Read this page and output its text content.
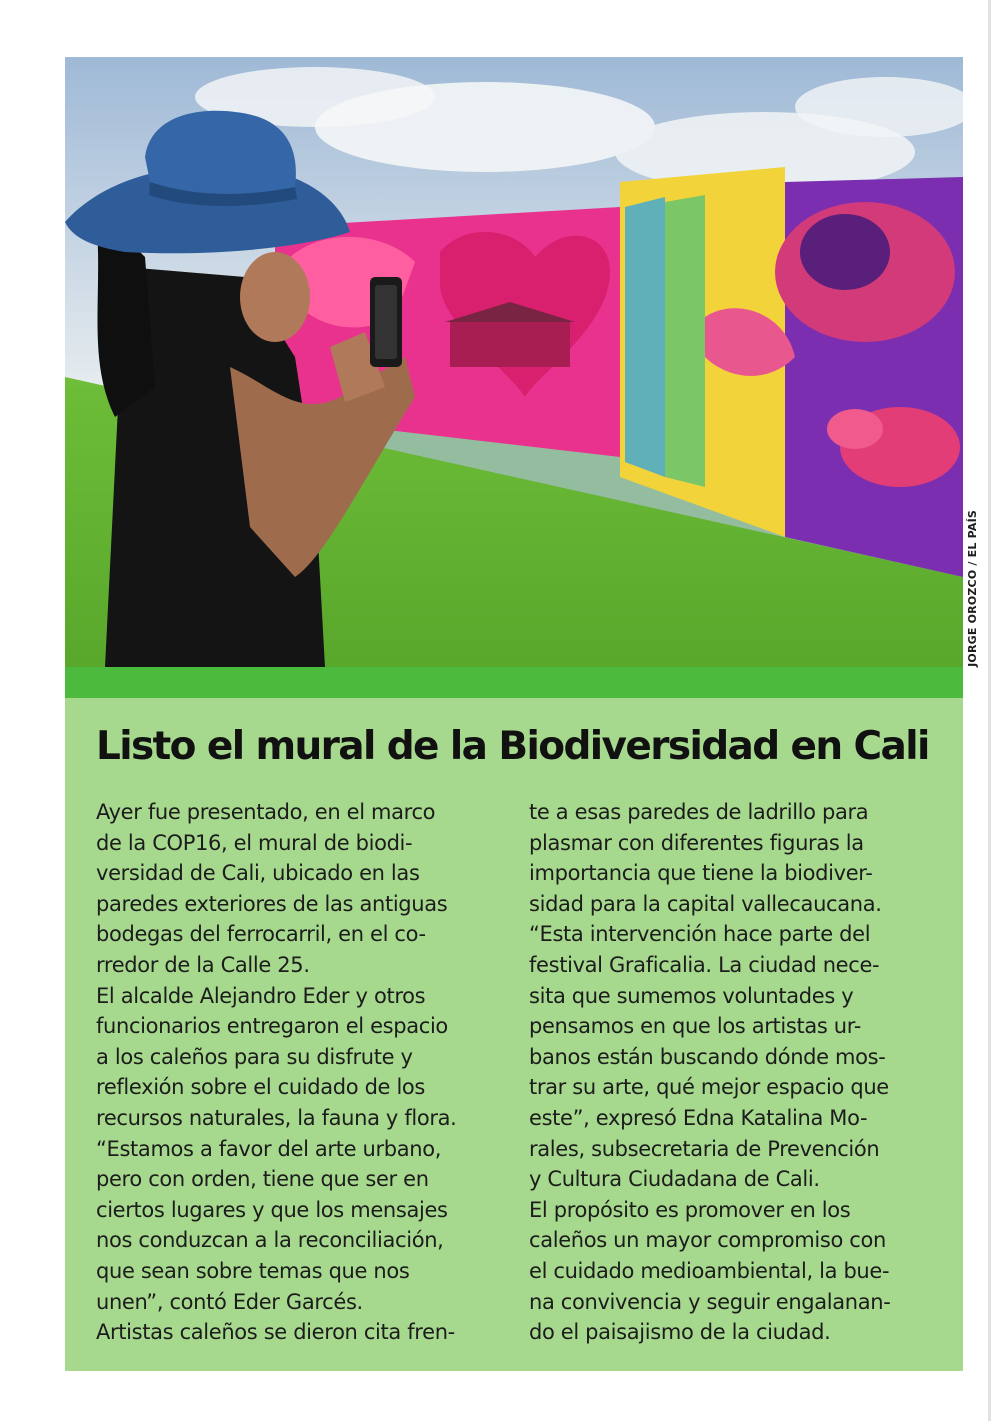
JORGE OROZCO / EL PAÍS
Listo el mural de la Biodiversidad en Cali
Ayer fue presentado, en el marco
de la COP16, el mural de biodi-
versidad de Cali, ubicado en las
paredes exteriores de las antiguas
bodegas del ferrocarril, en el co-
rredor de la Calle 25.
El alcalde Alejandro Eder y otros
funcionarios entregaron el espacio
a los caleños para su disfrute y
reflexión sobre el cuidado de los
recursos naturales, la fauna y flora.
“Estamos a favor del arte urbano,
pero con orden, tiene que ser en
ciertos lugares y que los mensajes
nos conduzcan a la reconciliación,
que sean sobre temas que nos
unen”, contó Eder Garcés.
Artistas caleños se dieron cita fren-
te a esas paredes de ladrillo para
plasmar con diferentes figuras la
importancia que tiene la biodiver-
sidad para la capital vallecaucana.
“Esta intervención hace parte del
festival Graficalia. La ciudad nece-
sita que sumemos voluntades y
pensamos en que los artistas ur-
banos están buscando dónde mos-
trar su arte, qué mejor espacio que
este”, expresó Edna Katalina Mo-
rales, subsecretaria de Prevención
y Cultura Ciudadana de Cali.
El propósito es promover en los
caleños un mayor compromiso con
el cuidado medioambiental, la bue-
na convivencia y seguir engalanan-
do el paisajismo de la ciudad.
